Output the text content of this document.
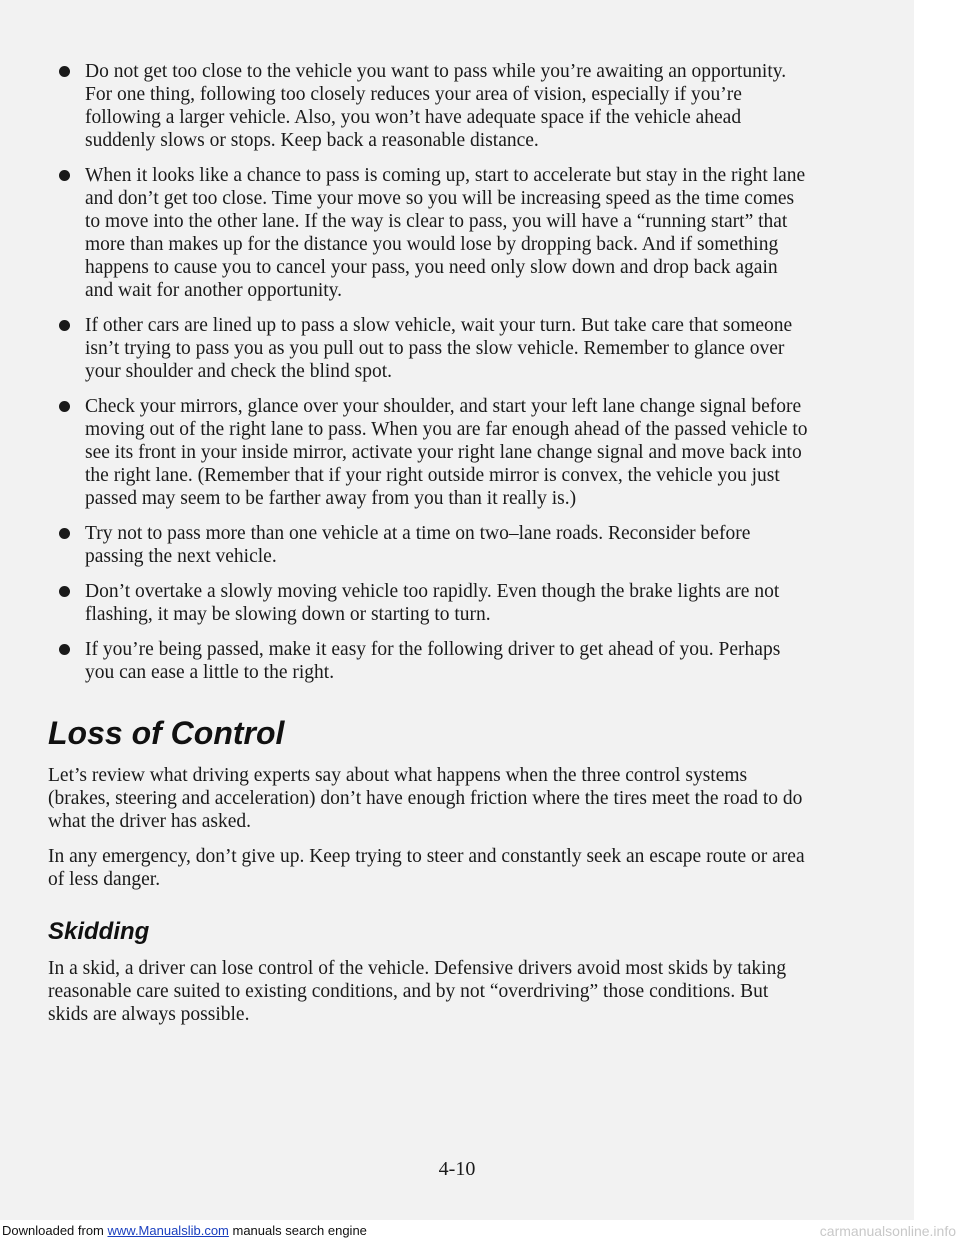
Do not get too close to the vehicle you want to pass while you’re awaiting an opportunity. For one thing, following too closely reduces your area of vision, especially if you’re following a larger vehicle. Also, you won’t have adequate space if the vehicle ahead suddenly slows or stops. Keep back a reasonable distance.
When it looks like a chance to pass is coming up, start to accelerate but stay in the right lane and don’t get too close. Time your move so you will be increasing speed as the time comes to move into the other lane. If the way is clear to pass, you will have a “running start” that more than makes up for the distance you would lose by dropping back. And if something happens to cause you to cancel your pass, you need only slow down and drop back again and wait for another opportunity.
If other cars are lined up to pass a slow vehicle, wait your turn. But take care that someone isn’t trying to pass you as you pull out to pass the slow vehicle. Remember to glance over your shoulder and check the blind spot.
Check your mirrors, glance over your shoulder, and start your left lane change signal before moving out of the right lane to pass. When you are far enough ahead of the passed vehicle to see its front in your inside mirror, activate your right lane change signal and move back into the right lane. (Remember that if your right outside mirror is convex, the vehicle you just passed may seem to be farther away from you than it really is.)
Try not to pass more than one vehicle at a time on two–lane roads. Reconsider before passing the next vehicle.
Don’t overtake a slowly moving vehicle too rapidly. Even though the brake lights are not flashing, it may be slowing down or starting to turn.
If you’re being passed, make it easy for the following driver to get ahead of you. Perhaps you can ease a little to the right.
Loss of Control

Let’s review what driving experts say about what happens when the three control systems (brakes, steering and acceleration) don’t have enough friction where the tires meet the road to do what the driver has asked.

In any emergency, don’t give up. Keep trying to steer and constantly seek an escape route or area of less danger.

Skidding

In a skid, a driver can lose control of the vehicle. Defensive drivers avoid most skids by taking reasonable care suited to existing conditions, and by not “overdriving” those conditions. But skids are always possible.

4-10
Downloaded from www.Manualslib.com manuals search engine	carmanualsonline.info
